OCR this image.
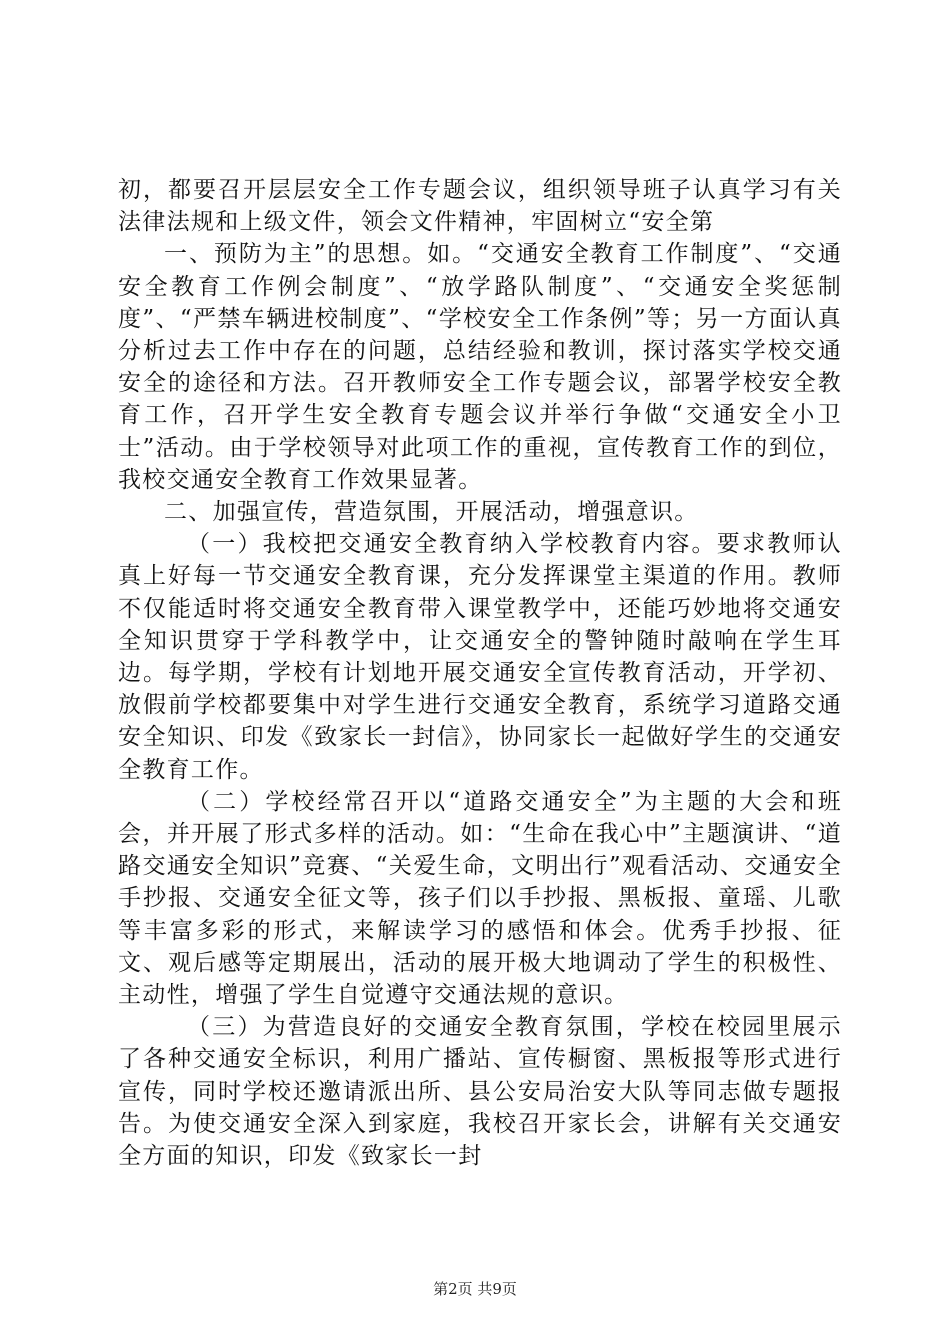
初，都要召开层层安全工作专题会议，组织领导班子认真学习有关法律法规和上级文件，领会文件精神，牢固树立“安全第

一、预防为主”的思想。如。“交通安全教育工作制度”、“交通安全教育工作例会制度”、“放学路队制度”、“交通安全奖惩制度”、“严禁车辆进校制度”、“学校安全工作条例”等；另一方面认真分析过去工作中存在的问题，总结经验和教训，探讨落实学校交通安全的途径和方法。召开教师安全工作专题会议，部署学校安全教育工作，召开学生安全教育专题会议并举行争做“交通安全小卫士”活动。由于学校领导对此项工作的重视，宣传教育工作的到位，我校交通安全教育工作效果显著。

二、加强宣传，营造氛围，开展活动，增强意识。

（一）我校把交通安全教育纳入学校教育内容。要求教师认真上好每一节交通安全教育课，充分发挥课堂主渠道的作用。教师不仅能适时将交通安全教育带入课堂教学中，还能巧妙地将交通安全知识贯穿于学科教学中，让交通安全的警钟随时敲响在学生耳边。每学期，学校有计划地开展交通安全宣传教育活动，开学初、放假前学校都要集中对学生进行交通安全教育，系统学习道路交通安全知识、印发《致家长一封信》，协同家长一起做好学生的交通安全教育工作。

（二）学校经常召开以“道路交通安全”为主题的大会和班会，并开展了形式多样的活动。如：“生命在我心中”主题演讲、“道路交通安全知识”竞赛、“关爱生命，文明出行”观看活动、交通安全手抄报、交通安全征文等，孩子们以手抄报、黑板报、童瑶、儿歌等丰富多彩的形式，来解读学习的感悟和体会。优秀手抄报、征文、观后感等定期展出，活动的展开极大地调动了学生的积极性、主动性，增强了学生自觉遵守交通法规的意识。

（三）为营造良好的交通安全教育氛围，学校在校园里展示了各种交通安全标识，利用广播站、宣传橱窗、黑板报等形式进行宣传，同时学校还邀请派出所、县公安局治安大队等同志做专题报告。为使交通安全深入到家庭，我校召开家长会，讲解有关交通安全方面的知识，印发《致家长一封

第2页 共9页
